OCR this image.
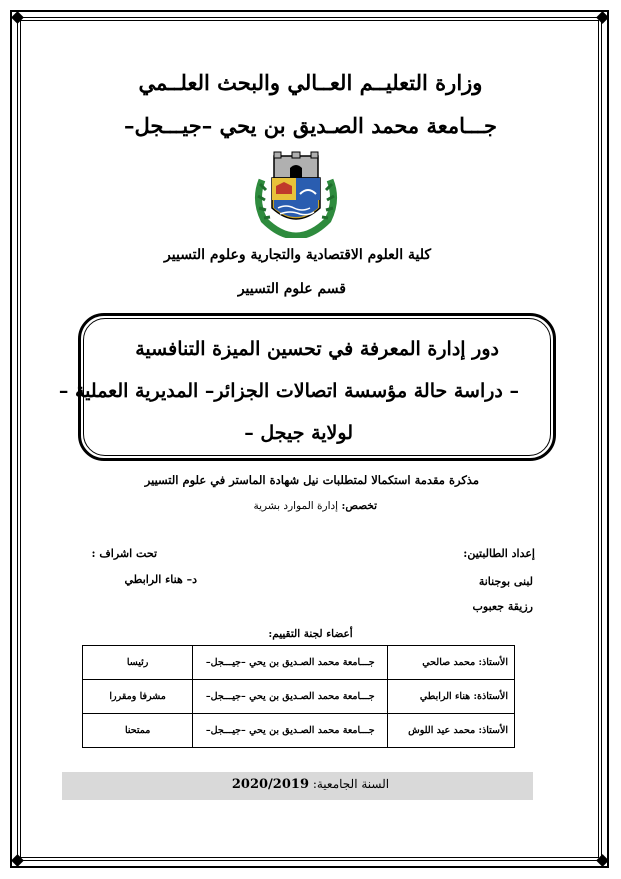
وزارة التعليــم العــالي والبحث العلــمي
جـــامعة محمد الصـديق بن يحي –جيـــجل–
كلية العلوم الاقتصادية والتجارية وعلوم التسيير
قسم علوم التسيير
دور إدارة المعرفة في تحسين الميزة التنافسية
– دراسة حالة مؤسسة اتصالات الجزائر– المديرية العملية –
لولاية جيجل –
مذكرة مقدمة استكمالا لمتطلبات نيل شهادة الماستر في علوم التسيير
تخصص: إدارة الموارد بشرية
إعداد الطالبتين:
لبنى بوجنانة
رزيقة جعبوب
تحت اشراف :
د– هناء الرابطي
أعضاء لجنة التقييم:
الأستاذ: محمد صالحي	جـــامعة محمد الصـديق بن يحي –جيـــجل–	رئيسا
الأستاذة: هناء الرابطي	جـــامعة محمد الصـديق بن يحي –جيـــجل–	مشرفا ومقررا
الأستاذ: محمد عيد اللوش	جـــامعة محمد الصـديق بن يحي –جيـــجل–	ممتحنا
السنة الجامعية: 2020/2019
